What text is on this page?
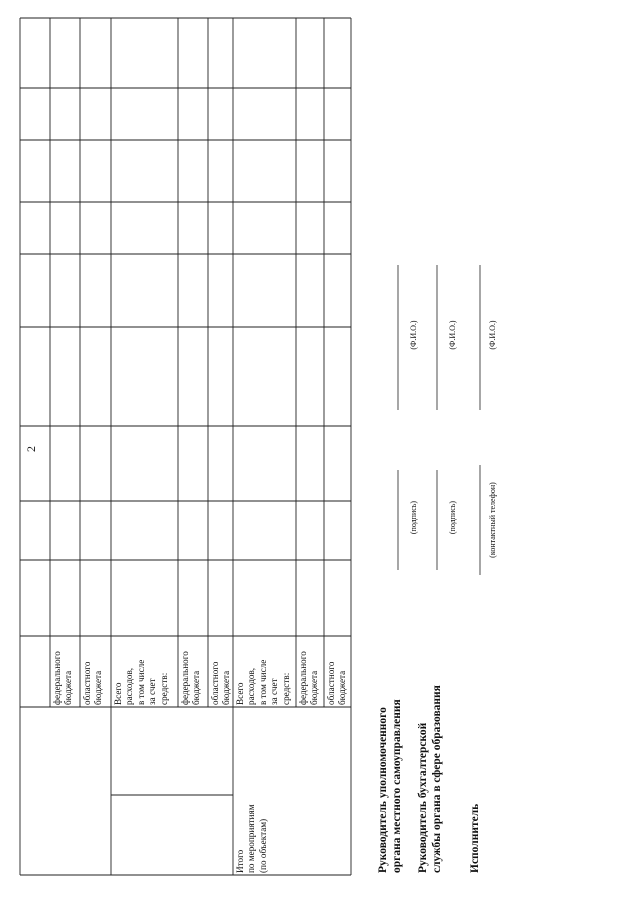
2
федерального
бюджета областного
бюджета Всего
расходов,
в том числе
за счет
средств: федерального
бюджета областного
бюджета
Итого
по мероприятиям
(по объектам)
Всего
расходов,
в том числе
за счет
средств: федерального
бюджета областного
бюджета
Руководитель уполномоченного
органа местного самоуправления
(подпись)
(Ф.И.О.)
Руководитель бухгалтерской
службы органа в сфере образования
(подпись)
(Ф.И.О.)
Исполнитель
(контактный телефон)
(Ф.И.О.)
